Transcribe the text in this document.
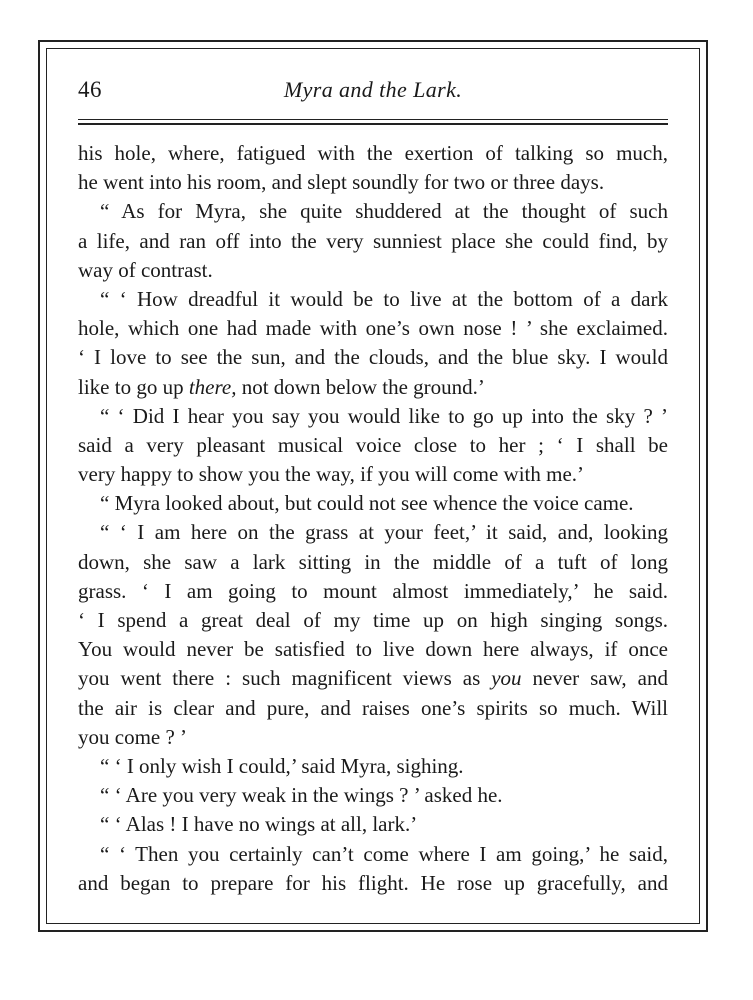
46	Myra and the Lark.
his hole, where, fatigued with the exertion of talking so much,
he went into his room, and slept soundly for two or three days.
“ As for Myra, she quite shuddered at the thought of such
a life, and ran off into the very sunniest place she could find, by
way of contrast.
“ ‘ How dreadful it would be to live at the bottom of a dark
hole, which one had made with one’s own nose ! ’ she exclaimed.
‘ I love to see the sun, and the clouds, and the blue sky. I would
like to go up there, not down below the ground.’
“ ‘ Did I hear you say you would like to go up into the sky ? ’
said a very pleasant musical voice close to her ; ‘ I shall be
very happy to show you the way, if you will come with me.’
“ Myra looked about, but could not see whence the voice came.
“ ‘ I am here on the grass at your feet,’ it said, and, looking
down, she saw a lark sitting in the middle of a tuft of long
grass. ‘ I am going to mount almost immediately,’ he said.
‘ I spend a great deal of my time up on high singing songs.
You would never be satisfied to live down here always, if once
you went there : such magnificent views as you never saw, and
the air is clear and pure, and raises one’s spirits so much. Will
you come ? ’
“ ‘ I only wish I could,’ said Myra, sighing.
“ ‘ Are you very weak in the wings ? ’ asked he.
“ ‘ Alas ! I have no wings at all, lark.’
“ ‘ Then you certainly can’t come where I am going,’ he said,
and began to prepare for his flight. He rose up gracefully, and
